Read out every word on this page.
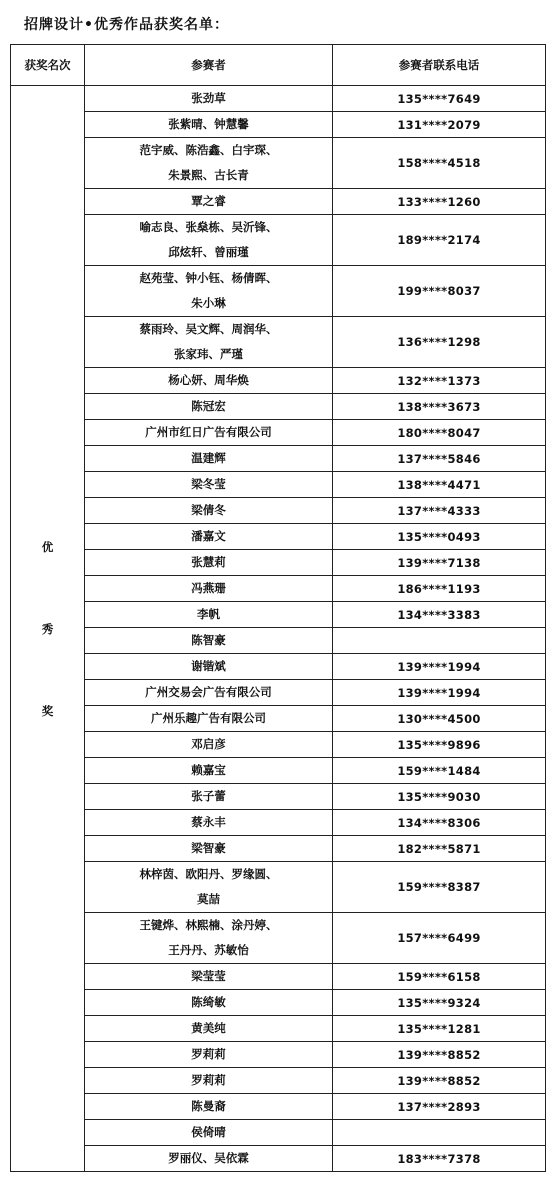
招牌设计•优秀作品获奖名单：
获奖名次	参赛者	参赛者联系电话

优
秀
奖	张劲草	135****7649

	张紫晴、钟慧馨	131****2079

	范宇威、陈浩鑫、白宇琛、
朱景熙、古长青	158****4518

	覃之睿	133****1260

	喻志良、张燊栋、吴沂锋、
邱炫轩、曾丽瑾	189****2174

	赵苑莹、钟小钰、杨倩晖、
朱小琳	199****8037

	蔡雨玲、吴文辉、周润华、
张家玮、严瑾	136****1298

	杨心妍、周华焕	132****1373

	陈冠宏	138****3673

	广州市红日广告有限公司	180****8047

	温建辉	137****5846

	梁冬莹	138****4471

	梁倩冬	137****4333

	潘嘉文	135****0493

	张慧莉	139****7138

	冯燕珊	186****1193

	李帆	134****3383

	陈智豪	

	谢锴斌	139****1994

	广州交易会广告有限公司	139****1994

	广州乐趣广告有限公司	130****4500

	邓启彦	135****9896

	赖嘉宝	159****1484

	张子蕾	135****9030

	蔡永丰	134****8306

	梁智豪	182****5871

	林梓茵、欧阳丹、罗缘圆、
莫喆	159****8387

	王键烨、林熙楠、涂丹婷、
王丹丹、苏敏怡	157****6499

	梁莹莹	159****6158

	陈绮敏	135****9324

	黄美纯	135****1281

	罗莉莉	139****8852

	罗莉莉	139****8852

	陈曼裔	137****2893

	侯倚晴	

	罗丽仪、吴依霖	183****7378
